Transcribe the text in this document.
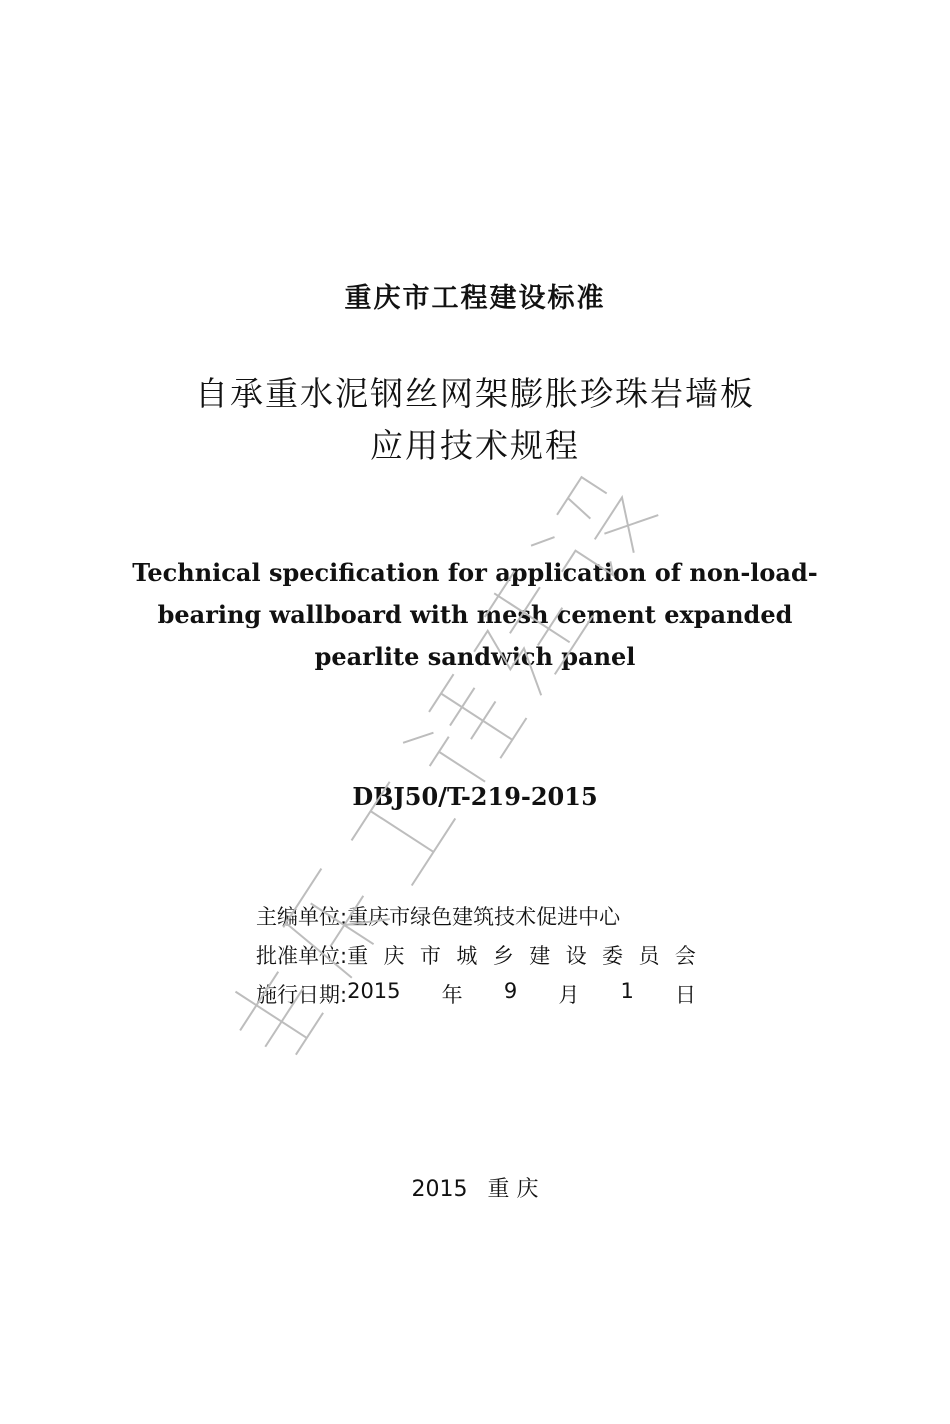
重庆市工程建设标准
自承重水泥钢丝网架膨胀珍珠岩墙板
应用技术规程
Technical specification for application of non-load-
bearing wallboard with mesh cement expanded
pearlite sandwich panel
DBJ50/T-219-2015
主编单位: 重庆市绿色建筑技术促进中心
批准单位: 重 庆 市 城 乡 建 设 委 员 会
施行日期: 2015 年 9 月 1 日
2015 重 庆
